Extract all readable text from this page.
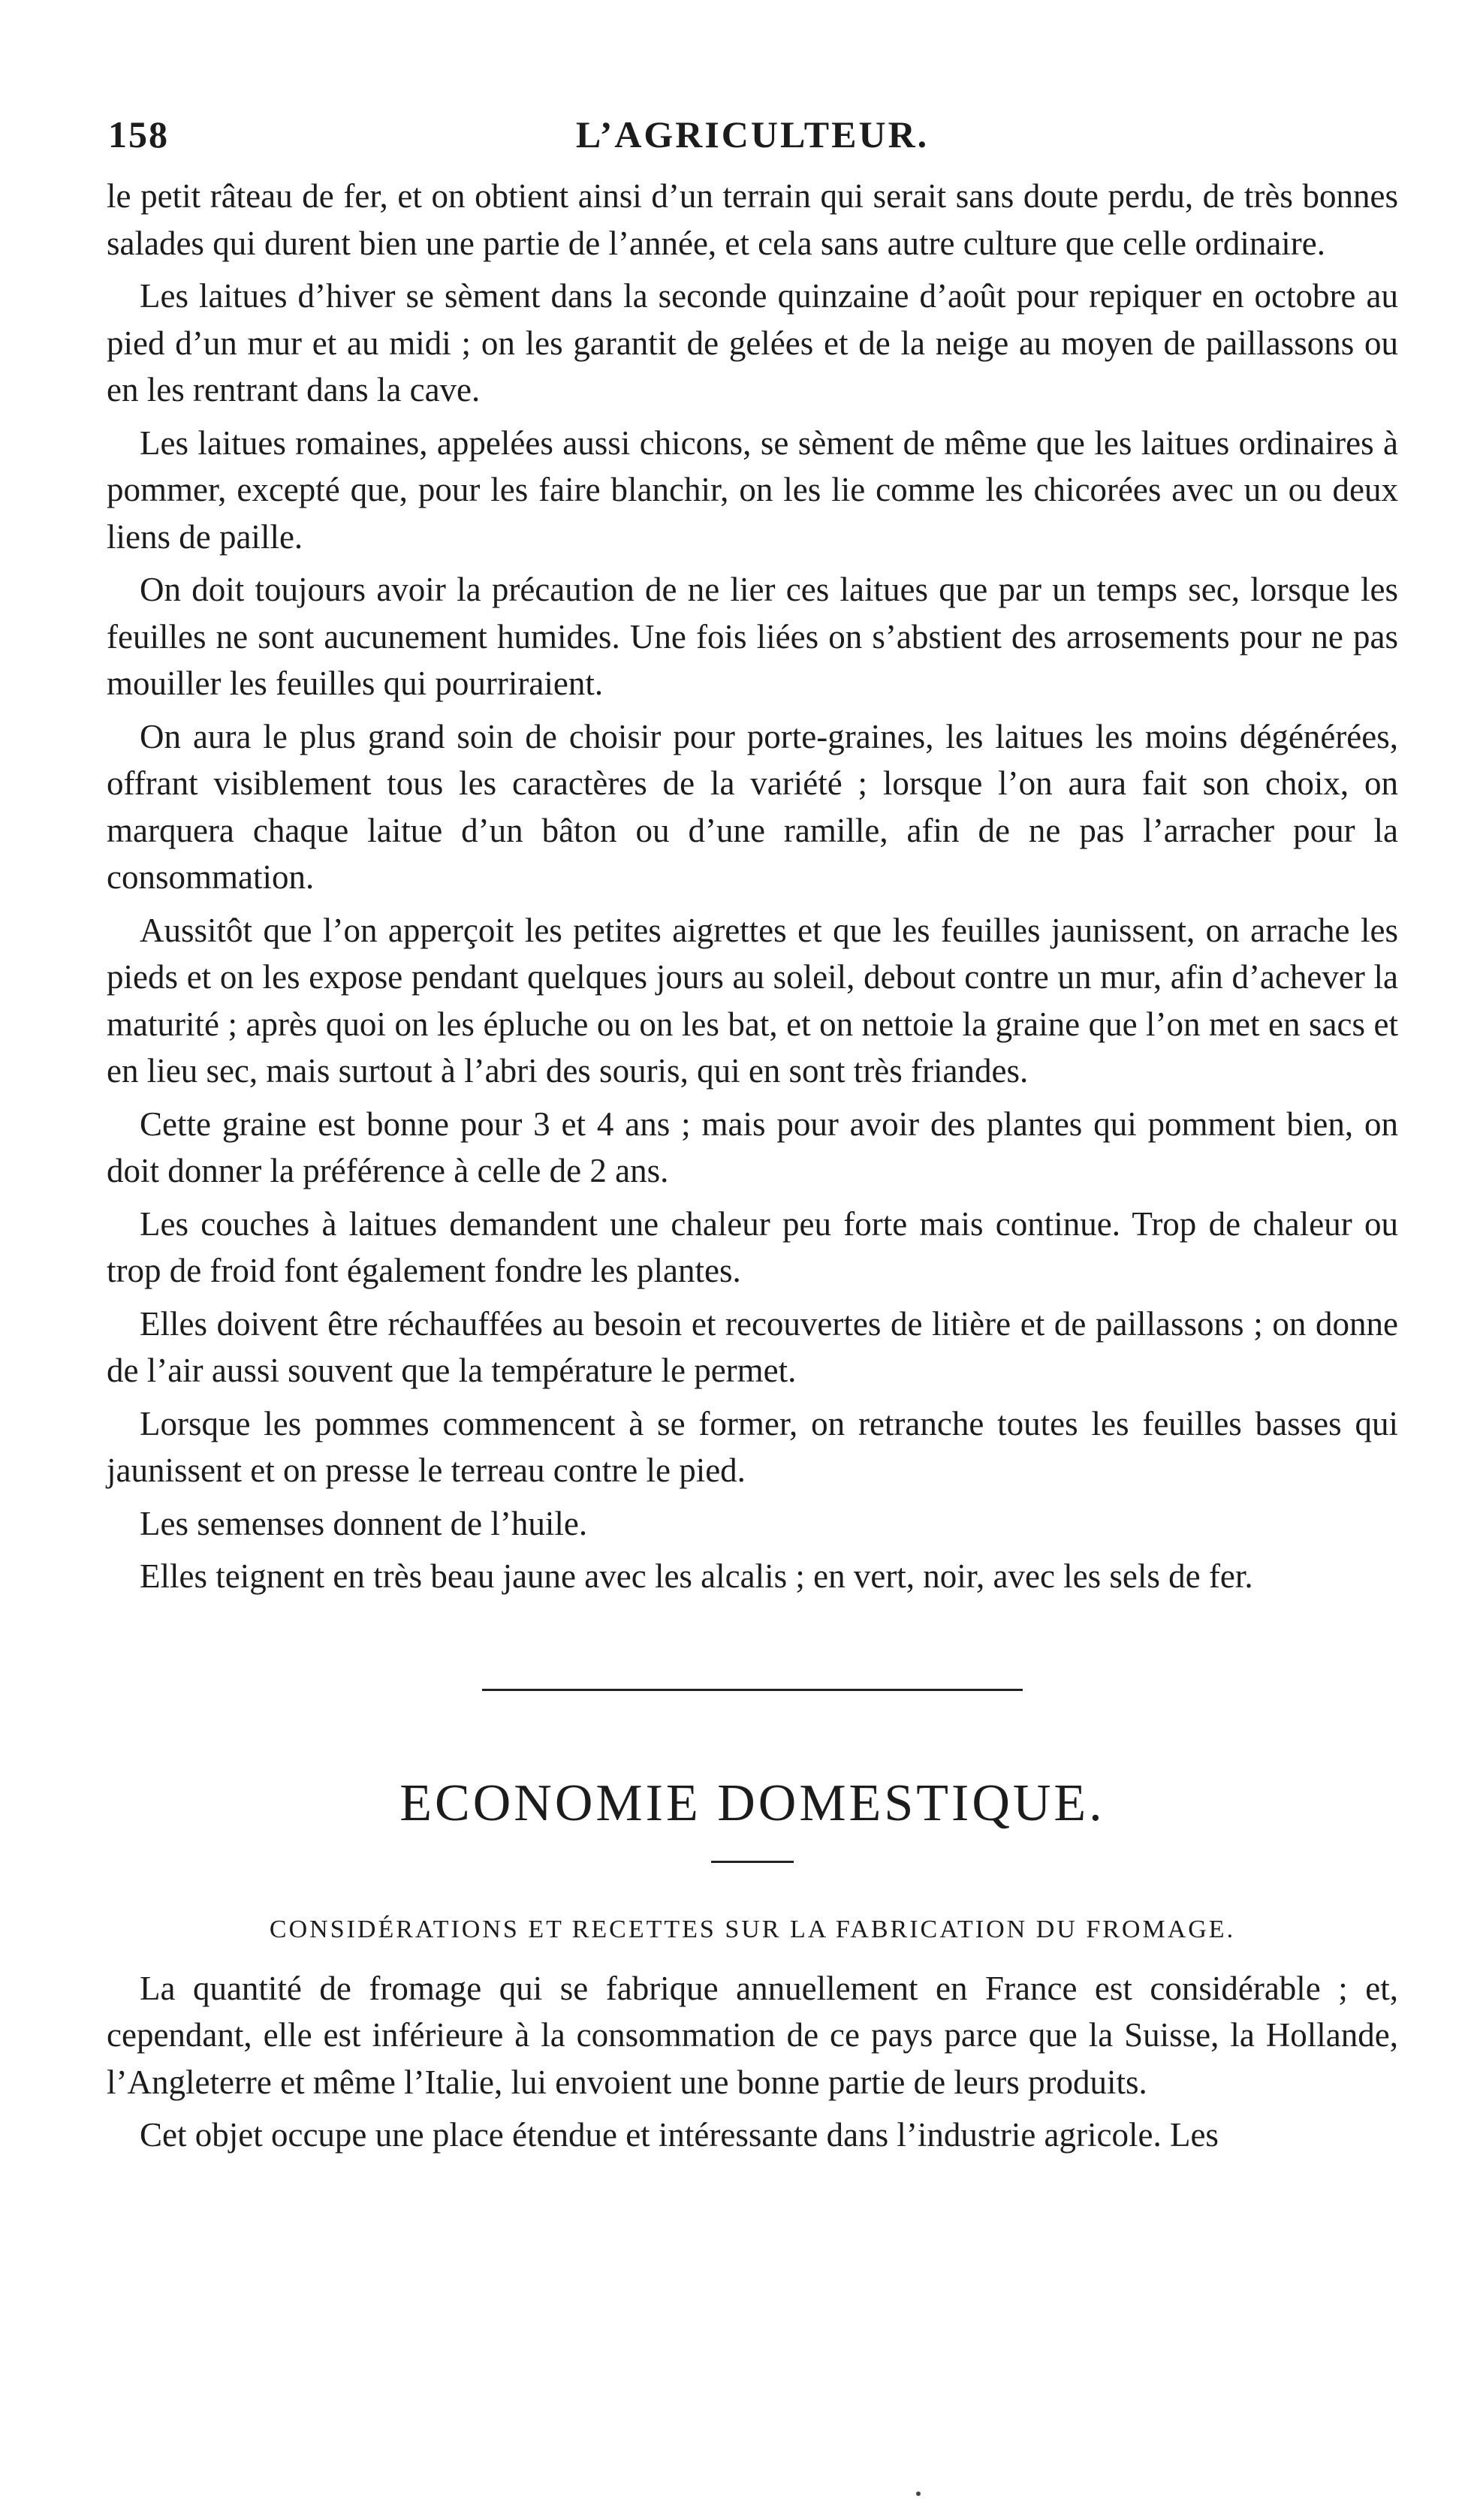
158	L’AGRICULTEUR.

le petit râteau de fer, et on obtient ainsi d’un terrain qui serait sans doute perdu, de très bonnes salades qui durent bien une partie de l’année, et cela sans autre culture que celle ordinaire.

Les laitues d’hiver se sèment dans la seconde quinzaine d’août pour repiquer en octobre au pied d’un mur et au midi ; on les garantit de gelées et de la neige au moyen de paillassons ou en les rentrant dans la cave.

Les laitues romaines, appelées aussi chicons, se sèment de même que les laitues ordinaires à pommer, excepté que, pour les faire blanchir, on les lie comme les chicorées avec un ou deux liens de paille.

On doit toujours avoir la précaution de ne lier ces laitues que par un temps sec, lorsque les feuilles ne sont aucunement humides. Une fois liées on s’abstient des arrosements pour ne pas mouiller les feuilles qui pourriraient.

On aura le plus grand soin de choisir pour porte-graines, les laitues les moins dégénérées, offrant visiblement tous les caractères de la variété ; lorsque l’on aura fait son choix, on marquera chaque laitue d’un bâton ou d’une ramille, afin de ne pas l’arracher pour la consommation.

Aussitôt que l’on apperçoit les petites aigrettes et que les feuilles jaunissent, on arrache les pieds et on les expose pendant quelques jours au soleil, debout contre un mur, afin d’achever la maturité ; après quoi on les épluche ou on les bat, et on nettoie la graine que l’on met en sacs et en lieu sec, mais surtout à l’abri des souris, qui en sont très friandes.

Cette graine est bonne pour 3 et 4 ans ; mais pour avoir des plantes qui pomment bien, on doit donner la préférence à celle de 2 ans.

Les couches à laitues demandent une chaleur peu forte mais continue. Trop de chaleur ou trop de froid font également fondre les plantes.

Elles doivent être réchauffées au besoin et recouvertes de litière et de paillassons ; on donne de l’air aussi souvent que la température le permet.

Lorsque les pommes commencent à se former, on retranche toutes les feuilles basses qui jaunissent et on presse le terreau contre le pied.

Les semenses donnent de l’huile.

Elles teignent en très beau jaune avec les alcalis ; en vert, noir, avec les sels de fer.

ECONOMIE DOMESTIQUE.
CONSIDÉRATIONS ET RECETTES SUR LA FABRICATION DU FROMAGE.

La quantité de fromage qui se fabrique annuellement en France est considérable ; et, cependant, elle est inférieure à la consommation de ce pays parce que la Suisse, la Hollande, l’Angleterre et même l’Italie, lui envoient une bonne partie de leurs produits.

Cet objet occupe une place étendue et intéressante dans l’industrie agricole. Les
